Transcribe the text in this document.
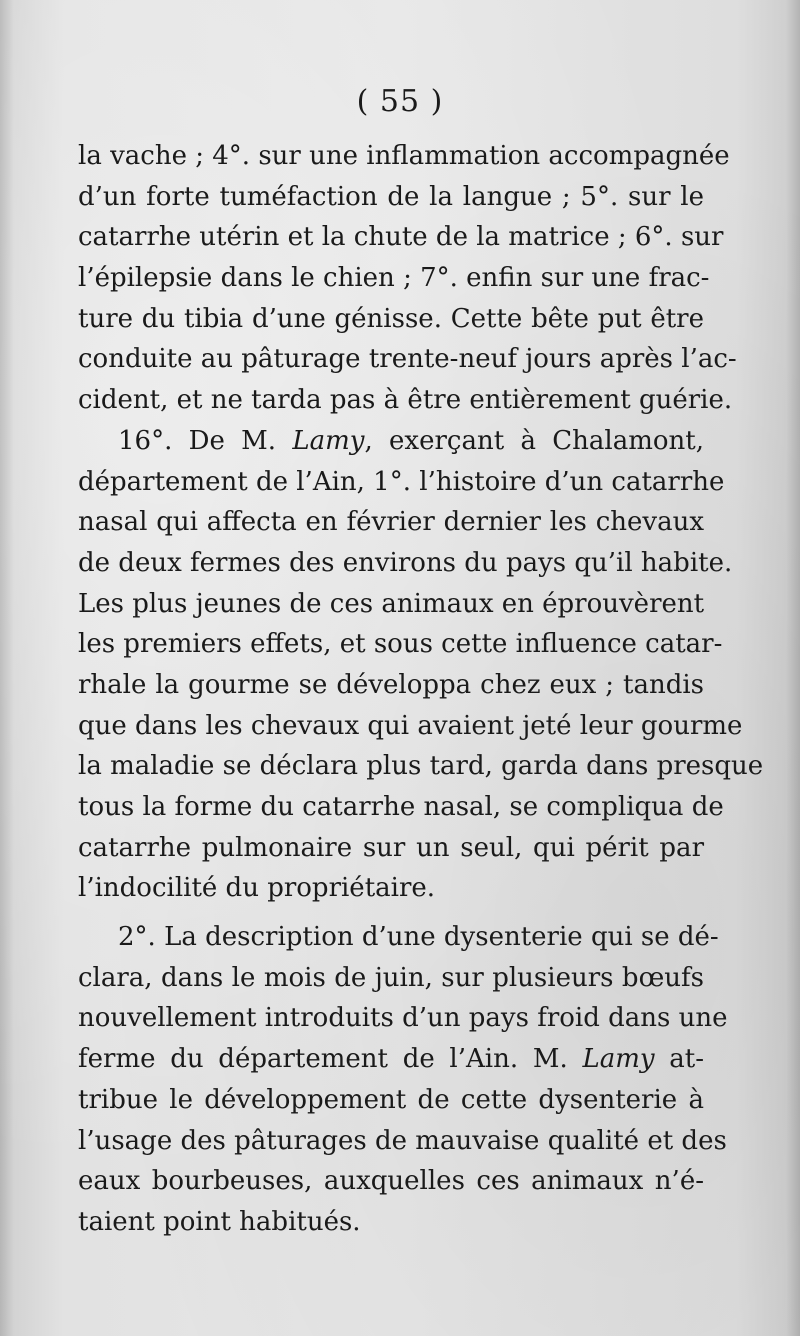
( 55 )
la vache ; 4°. sur une inflammation accompagnée
d’un forte tuméfaction de la langue ; 5°. sur le
catarrhe utérin et la chute de la matrice ; 6°. sur
l’épilepsie dans le chien ; 7°. enfin sur une frac-
ture du tibia d’une génisse. Cette bête put être
conduite au pâturage trente-neuf jours après l’ac-
cident, et ne tarda pas à être entièrement guérie.
16°. De M. Lamy, exerçant à Chalamont,
département de l’Ain, 1°. l’histoire d’un catarrhe
nasal qui affecta en février dernier les chevaux
de deux fermes des environs du pays qu’il habite.
Les plus jeunes de ces animaux en éprouvèrent
les premiers effets, et sous cette influence catar-
rhale la gourme se développa chez eux ; tandis
que dans les chevaux qui avaient jeté leur gourme
la maladie se déclara plus tard, garda dans presque
tous la forme du catarrhe nasal, se compliqua de
catarrhe pulmonaire sur un seul, qui périt par
l’indocilité du propriétaire.
2°. La description d’une dysenterie qui se dé-
clara, dans le mois de juin, sur plusieurs bœufs
nouvellement introduits d’un pays froid dans une
ferme du département de l’Ain. M. Lamy at-
tribue le développement de cette dysenterie à
l’usage des pâturages de mauvaise qualité et des
eaux bourbeuses, auxquelles ces animaux n’é-
taient point habitués.
